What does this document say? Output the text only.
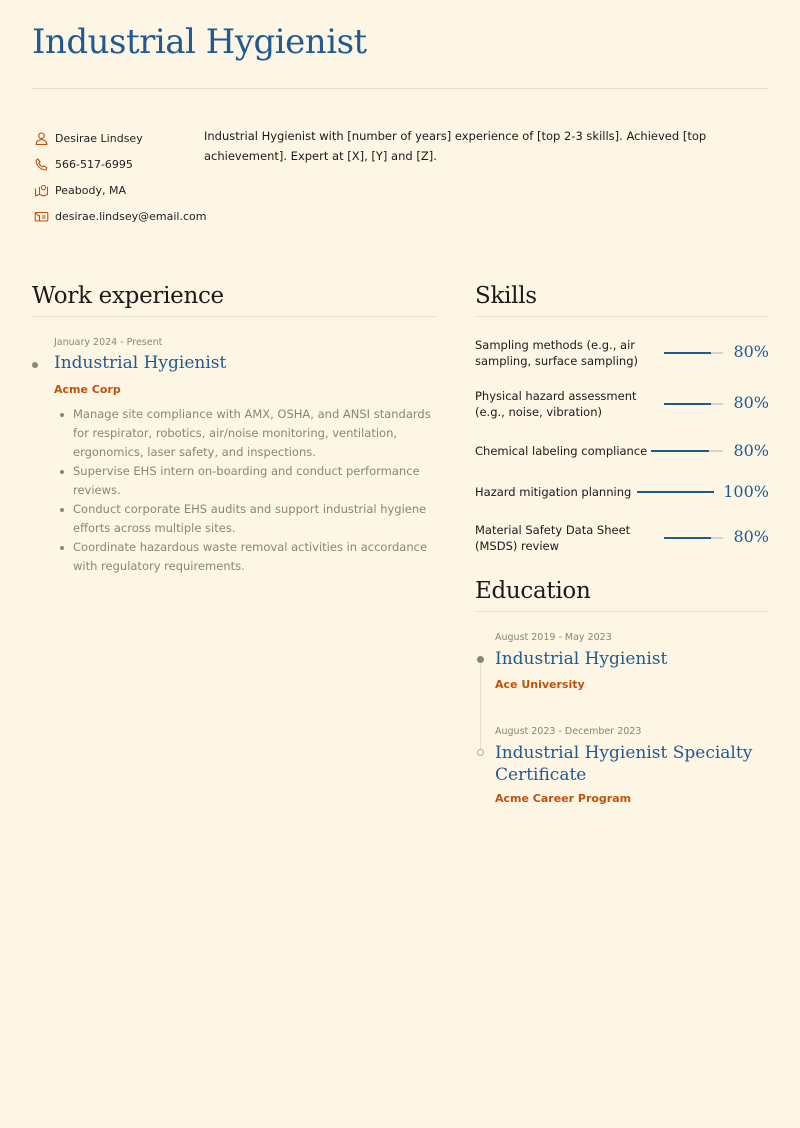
Industrial Hygienist
Desirae Lindsey
566-517-6995
Peabody, MA
desirae.lindsey@email.com
Industrial Hygienist with [number of years] experience of [top 2-3 skills]. Achieved [top achievement]. Expert at [X], [Y] and [Z].
Work experience
January 2024 - Present
Industrial Hygienist
Acme Corp
Manage site compliance with AMX, OSHA, and ANSI standards for respirator, robotics, air/noise monitoring, ventilation, ergonomics, laser safety, and inspections.
Supervise EHS intern on-boarding and conduct performance reviews.
Conduct corporate EHS audits and support industrial hygiene efforts across multiple sites.
Coordinate hazardous waste removal activities in accordance with regulatory requirements.
Skills
Sampling methods (e.g., air sampling, surface sampling)	80%
Physical hazard assessment (e.g., noise, vibration)	80%
Chemical labeling compliance	80%
Hazard mitigation planning	100%
Material Safety Data Sheet (MSDS) review	80%
Education
August 2019 - May 2023
Industrial Hygienist
Ace University
August 2023 - December 2023
Industrial Hygienist Specialty Certificate
Acme Career Program
